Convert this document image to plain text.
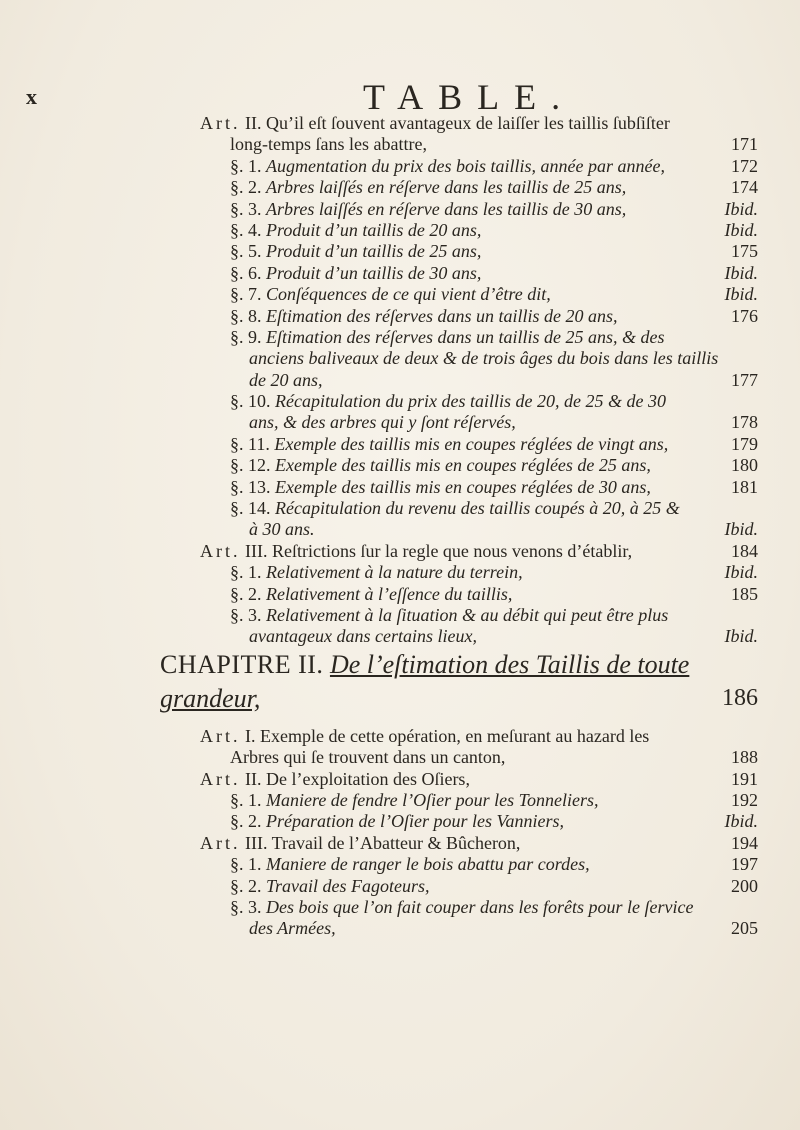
x	TABLE.
Art. II. Qu’il eſt ſouvent avantageux de laiſſer les taillis ſubſiſter
long-temps ſans les abattre,	171
§. 1. Augmentation du prix des bois taillis, année par année,	172
§. 2. Arbres laiſſés en réſerve dans les taillis de 25 ans,	174
§. 3. Arbres laiſſés en réſerve dans les taillis de 30 ans,	Ibid.
§. 4. Produit d’un taillis de 20 ans,	Ibid.
§. 5. Produit d’un taillis de 25 ans,	175
§. 6. Produit d’un taillis de 30 ans,	Ibid.
§. 7. Conſéquences de ce qui vient d’être dit,	Ibid.
§. 8. Eſtimation des réſerves dans un taillis de 20 ans,	176
§. 9. Eſtimation des réſerves dans un taillis de 25 ans, & des
anciens baliveaux de deux & de trois âges du bois dans les taillis
de 20 ans,	177
§. 10. Récapitulation du prix des taillis de 20, de 25 & de 30
ans, & des arbres qui y ſont réſervés,	178
§. 11. Exemple des taillis mis en coupes réglées de vingt ans,	179
§. 12. Exemple des taillis mis en coupes réglées de 25 ans,	180
§. 13. Exemple des taillis mis en coupes réglées de 30 ans,	181
§. 14. Récapitulation du revenu des taillis coupés à 20, à 25 &
à 30 ans.	Ibid.
Art. III. Reſtrictions ſur la regle que nous venons d’établir,	184
§. 1. Relativement à la nature du terrein,	Ibid.
§. 2. Relativement à l’eſſence du taillis,	185
§. 3. Relativement à la ſituation & au débit qui peut être plus
avantageux dans certains lieux,	Ibid.
CHAPITRE II. De l’eſtimation des Taillis de toute
grandeur,	186
Art. I. Exemple de cette opération, en meſurant au hazard les
Arbres qui ſe trouvent dans un canton,	188
Art. II. De l’exploitation des Oſiers,	191
§. 1. Maniere de fendre l’Oſier pour les Tonneliers,	192
§. 2. Préparation de l’Oſier pour les Vanniers,	Ibid.
Art. III. Travail de l’Abatteur & Bûcheron,	194
§. 1. Maniere de ranger le bois abattu par cordes,	197
§. 2. Travail des Fagoteurs,	200
§. 3. Des bois que l’on fait couper dans les forêts pour le ſervice
des Armées,	205
